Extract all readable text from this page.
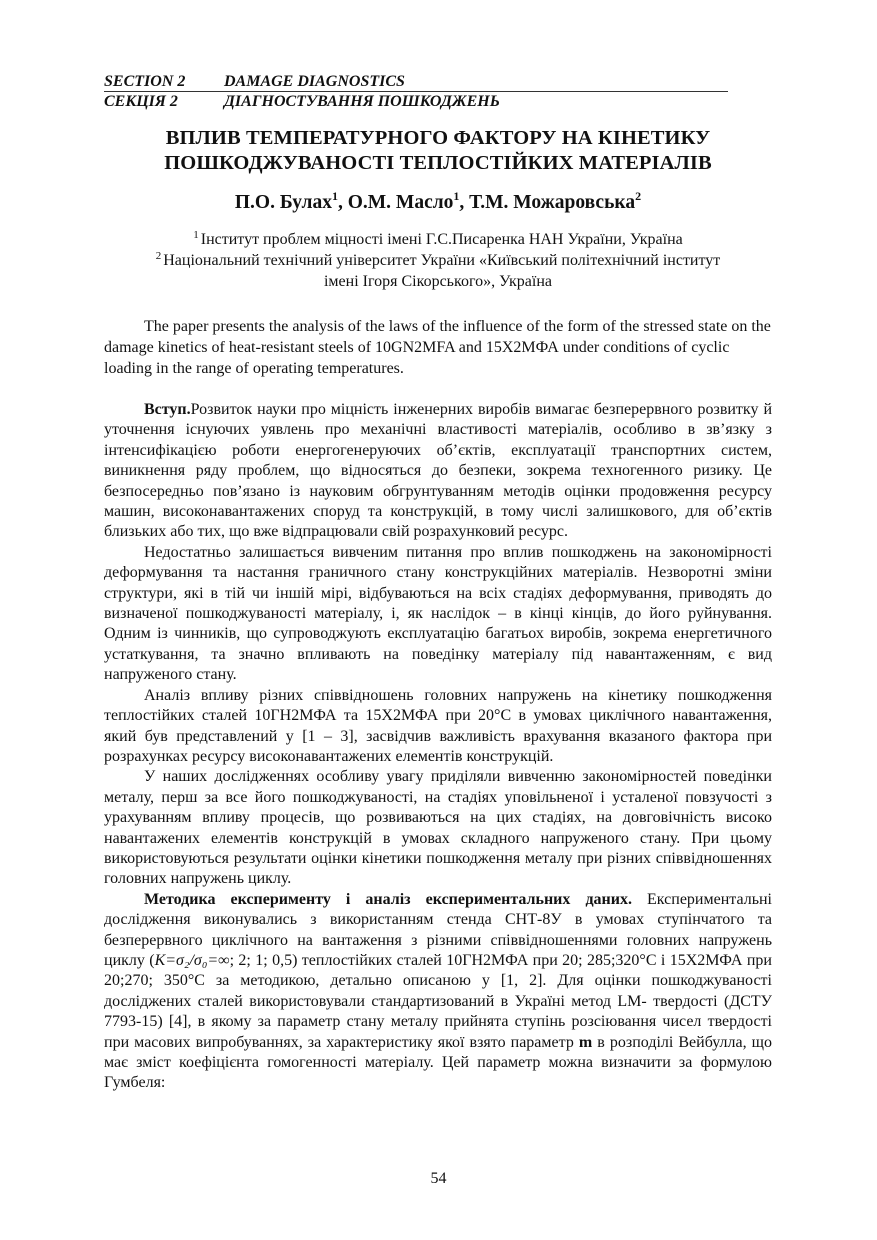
SECTION 2	DAMAGE DIAGNOSTICS
СЕКЦІЯ 2	ДІАГНОСТУВАННЯ ПОШКОДЖЕНЬ
ВПЛИВ ТЕМПЕРАТУРНОГО ФАКТОРУ НА КІНЕТИКУ
ПОШКОДЖУВАНОСТІ ТЕПЛОСТІЙКИХ МАТЕРІАЛІВ
П.О. Булах$^1$, О.М. Масло$^1$, Т.М. Можаровська$^2$
$^1$ Інститут проблем міцності імені Г.С.Писаренка НАН України, Україна
$^2$ Національний технічний університет України «Київський політехнічний інститут
імені Ігоря Сікорського», Україна
The paper presents the analysis of the laws of the influence of the form of the stressed state on the damage kinetics of heat-resistant steels of 10GN2MFA and 15X2MФА under conditions of cyclic loading in the range of operating temperatures.

Вступ.Розвиток науки про міцність інженерних виробів вимагає безперервного розвитку й уточнення існуючих уявлень про механічні властивості матеріалів, особливо в зв’язку з інтенсифікацією роботи енергогенеруючих об’єктів, експлуатації транспортних систем, виникнення ряду проблем, що відносяться до безпеки, зокрема техногенного ризику. Це безпосередньо пов’язано із науковим обгрунтуванням методів оцінки продовження ресурсу машин, високонавантажених споруд та конструкцій, в тому числі залишкового, для об’єктів близьких або тих, що вже відпрацювали свій розрахунковий ресурс.

Недостатньо залишається вивченим питання про вплив пошкоджень на закономірності деформування та настання граничного стану конструкційних матеріалів. Незворотні зміни структури, які в тій чи іншій мірі, відбуваються на всіх стадіях деформування, приводять до визначеної пошкоджуваності матеріалу, і, як наслідок – в кінці кінців, до його руйнування. Одним із чинників, що супроводжують експлуатацію багатьох виробів, зокрема енергетичного устаткування, та значно впливають на поведінку матеріалу під навантаженням, є вид напруженого стану.

Аналіз впливу різних співвідношень головних напружень на кінетику пошкодження теплостійких сталей 10ГН2МФА та 15Х2МФА при 20°С в умовах циклічного навантаження, який був представлений у [1 – 3], засвідчив важливість врахування вказаного фактора при розрахунках ресурсу високонавантажених елементів конструкцій.

У наших дослідженнях особливу увагу приділяли вивченню закономірностей поведінки металу, перш за все його пошкоджуваності, на стадіях уповільненої і усталеної повзучості з урахуванням впливу процесів, що розвиваються на цих стадіях, на довговічність високо навантажених елементів конструкцій в умовах складного напруженого стану. При цьому використовуються результати оцінки кінетики пошкодження металу при різних співвідношеннях головних напружень циклу.

Методика експерименту і аналіз експериментальних даних. Експериментальні дослідження виконувались з використанням стенда СНТ-8У в умовах ступінчатого та безперервного циклічного на вантаження з різними співвідношеннями головних напружень циклу (К=σ₂/σ₀=∞; 2; 1; 0,5) теплостійких сталей 10ГН2МФА при 20; 285;320°С і 15Х2МФА при 20;270; 350°С за методикою, детально описаною у [1, 2]. Для оцінки пошкоджуваності досліджених сталей використовували стандартизований в Україні метод LM- твердості (ДСТУ 7793-15) [4], в якому за параметр стану металу прийнята ступінь розсіювання чисел твердості при масових випробуваннях, за характеристику якої взято параметр m в розподілі Вейбулла, що має зміст коефіцієнта гомогенності матеріалу. Цей параметр можна визначити за формулою Гумбеля:

54
